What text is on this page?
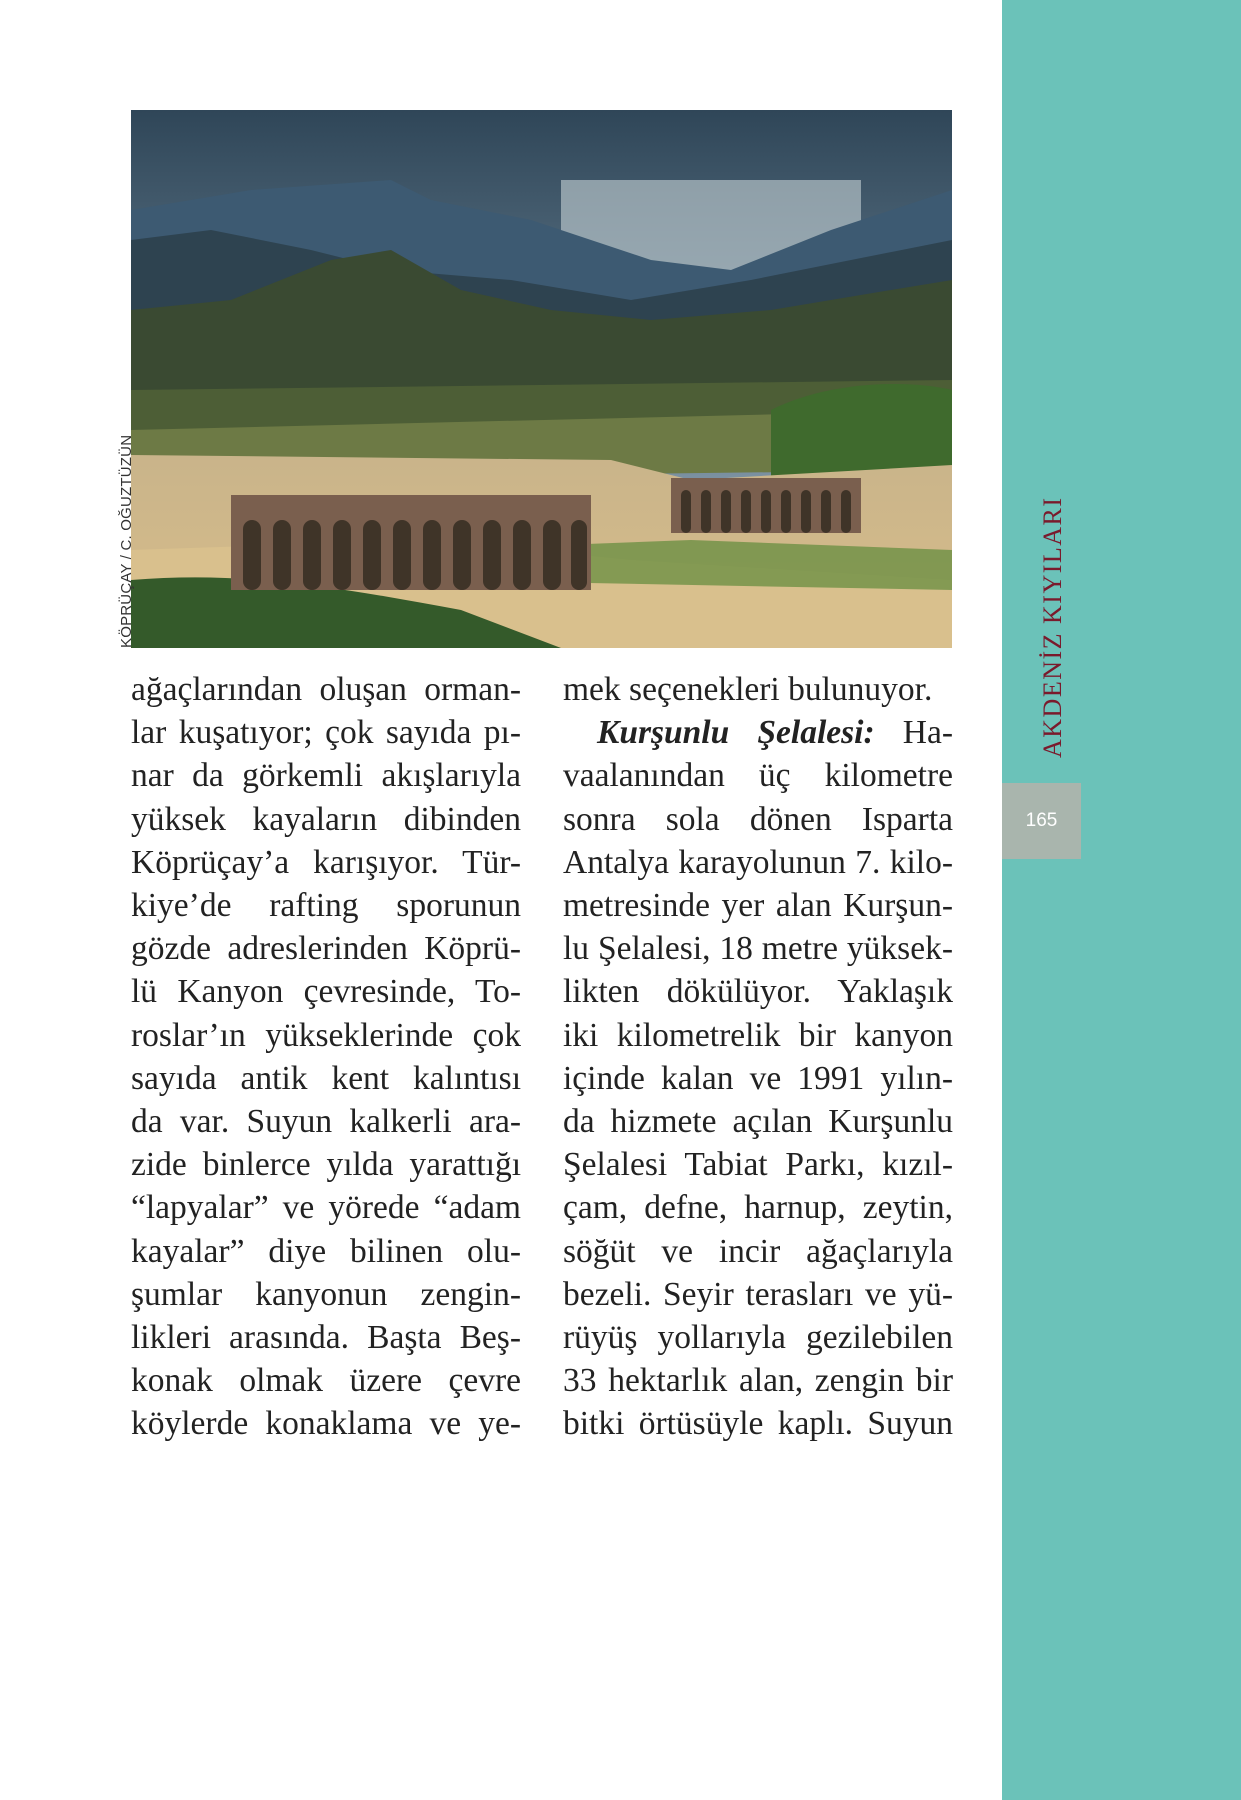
KÖPRÜÇAY / C. OĞUZTÜZÜN
ağaçlarından oluşan orman-
lar kuşatıyor; çok sayıda pı-
nar da görkemli akışlarıyla
yüksek kayaların dibinden
Köprüçay’a karışıyor. Tür-
kiye’de rafting sporunun
gözde adreslerinden Köprü-
lü Kanyon çevresinde, To-
roslar’ın yükseklerinde çok
sayıda antik kent kalıntısı
da var. Suyun kalkerli ara-
zide binlerce yılda yarattığı
“lapyalar” ve yörede “adam
kayalar” diye bilinen olu-
şumlar kanyonun zengin-
likleri arasında. Başta Beş-
konak olmak üzere çevre
köylerde konaklama ve ye-
mek seçenekleri bulunuyor.
Kurşunlu Şelalesi: Ha-
vaalanından üç kilometre
sonra sola dönen Isparta
Antalya karayolunun 7. kilo-
metresinde yer alan Kurşun-
lu Şelalesi, 18 metre yüksek-
likten dökülüyor. Yaklaşık
iki kilometrelik bir kanyon
içinde kalan ve 1991 yılın-
da hizmete açılan Kurşunlu
Şelalesi Tabiat Parkı, kızıl-
çam, defne, harnup, zeytin,
söğüt ve incir ağaçlarıyla
bezeli. Seyir terasları ve yü-
rüyüş yollarıyla gezilebilen
33 hektarlık alan, zengin bir
bitki örtüsüyle kaplı. Suyun
AKDENİZ KIYILARI
165
